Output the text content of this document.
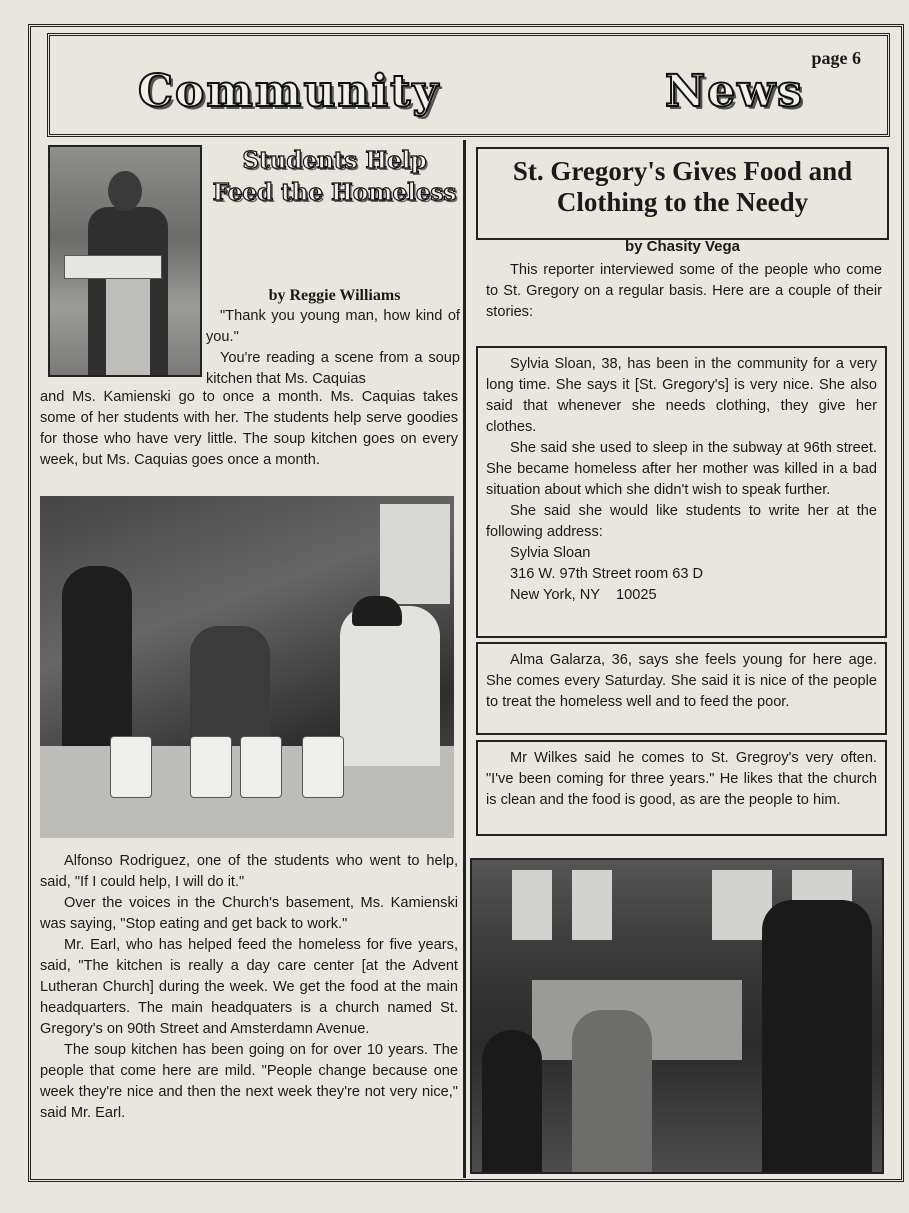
Community	News
page 6
Students Help Feed the Homeless
by Reggie Williams

"Thank you young man, how kind of you."

You're reading a scene from a soup kitchen that Ms. Caquias

and Ms. Kamienski go to once a month. Ms. Caquias takes some of her students with her. The students help serve goodies for those who have very little. The soup kitchen goes on every week, but Ms. Caquias goes once a month.

Alfonso Rodriguez, one of the students who went to help, said, "If I could help, I will do it."

Over the voices in the Church's basement, Ms. Kamienski was saying, "Stop eating and get back to work."

Mr. Earl, who has helped feed the homeless for five years, said, "The kitchen is really a day care center [at the Advent Lutheran Church] during the week. We get the food at the main headquarters. The main headquaters is a church named St. Gregory's on 90th Street and Amsterdamn Avenue.

The soup kitchen has been going on for over 10 years. The people that come here are mild. "People change because one week they're nice and then the next week they're not very nice," said Mr. Earl.

St. Gregory's Gives Food and Clothing to the Needy
by Chasity Vega

This reporter interviewed some of the people who come to St. Gregory on a regular basis. Here are a couple of their stories:

Sylvia Sloan, 38, has been in the community for a very long time. She says it [St. Gregory's] is very nice. She also said that whenever she needs clothing, they give her clothes.

She said she used to sleep in the subway at 96th street. She became homeless after her mother was killed in a bad situation about which she didn't wish to speak further.

She said she would like students to write her at the following address:

Sylvia Sloan
316 W. 97th Street room 63 D
New York, NY    10025

Alma Galarza, 36, says she feels young for here age. She comes every Saturday. She said it is nice of the people to treat the homeless well and to feed the poor.

Mr Wilkes said he comes to St. Gregroy's very often. "I've been coming for three years." He likes that the church is clean and the food is good, as are the people to him.
